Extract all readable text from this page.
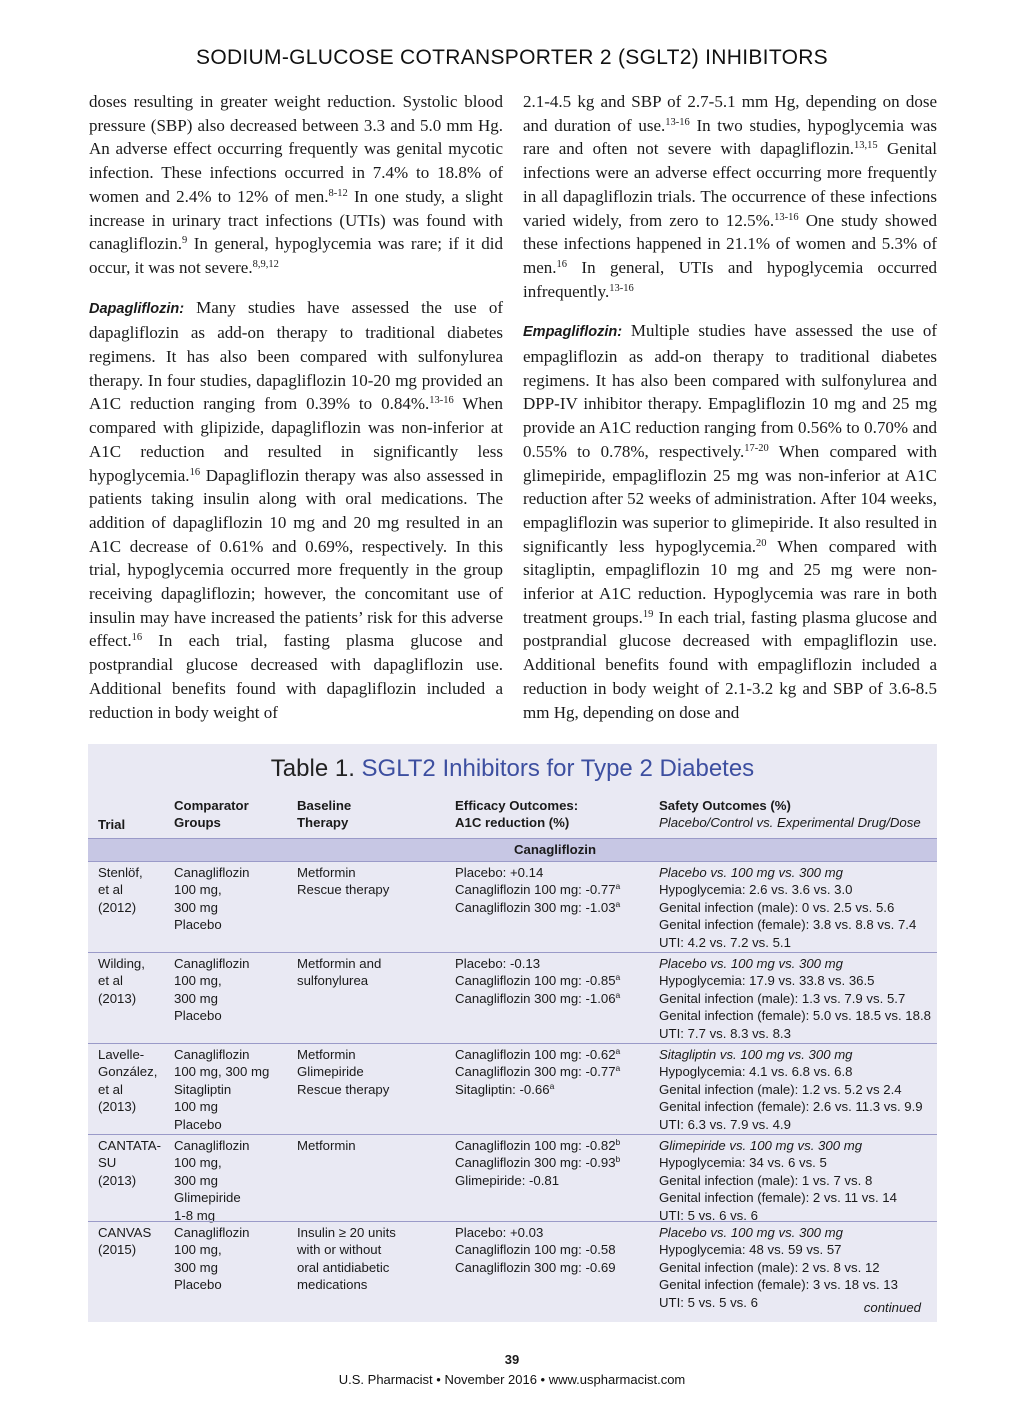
SODIUM-GLUCOSE COTRANSPORTER 2 (SGLT2) INHIBITORS

doses resulting in greater weight reduction. Systolic blood pressure (SBP) also decreased between 3.3 and 5.0 mm Hg. An adverse effect occurring frequently was genital mycotic infection. These infections occurred in 7.4% to 18.8% of women and 2.4% to 12% of men.$^{8-12}$ In one study, a slight increase in urinary tract infections (UTIs) was found with canagliflozin.$^9$ In general, hypoglycemia was rare; if it did occur, it was not severe.$^{8,9,12}$

Dapagliflozin: Many studies have assessed the use of dapagliflozin as add-on therapy to traditional diabetes regimens. It has also been compared with sulfonylurea therapy. In four studies, dapagliflozin 10-20 mg provided an A1C reduction ranging from 0.39% to 0.84%.$^{13-16}$ When compared with glipizide, dapagliflozin was non-inferior at A1C reduction and resulted in significantly less hypoglycemia.$^{16}$ Dapagliflozin therapy was also assessed in patients taking insulin along with oral medications. The addition of dapagliflozin 10 mg and 20 mg resulted in an A1C decrease of 0.61% and 0.69%, respectively. In this trial, hypoglycemia occurred more frequently in the group receiving dapagliflozin; however, the concomitant use of insulin may have increased the patients’ risk for this adverse effect.$^{16}$ In each trial, fasting plasma glucose and postprandial glucose decreased with dapagliflozin use. Additional benefits found with dapagliflozin included a reduction in body weight of

2.1-4.5 kg and SBP of 2.7-5.1 mm Hg, depending on dose and duration of use.$^{13-16}$ In two studies, hypoglycemia was rare and often not severe with dapagliflozin.$^{13,15}$ Genital infections were an adverse effect occurring more frequently in all dapagliflozin trials. The occurrence of these infections varied widely, from zero to 12.5%.$^{13-16}$ One study showed these infections happened in 21.1% of women and 5.3% of men.$^{16}$ In general, UTIs and hypoglycemia occurred infrequently.$^{13-16}$

Empagliflozin: Multiple studies have assessed the use of empagliflozin as add-on therapy to traditional diabetes regimens. It has also been compared with sulfonylurea and DPP-IV inhibitor therapy. Empagliflozin 10 mg and 25 mg provide an A1C reduction ranging from 0.56% to 0.70% and 0.55% to 0.78%, respectively.$^{17-20}$ When compared with glimepiride, empagliflozin 25 mg was non-inferior at A1C reduction after 52 weeks of administration. After 104 weeks, empagliflozin was superior to glimepiride. It also resulted in significantly less hypoglycemia.$^{20}$ When compared with sitagliptin, empagliflozin 10 mg and 25 mg were non-inferior at A1C reduction. Hypoglycemia was rare in both treatment groups.$^{19}$ In each trial, fasting plasma glucose and postprandial glucose decreased with empagliflozin use. Additional benefits found with empagliflozin included a reduction in body weight of 2.1-3.2 kg and SBP of 3.6-8.5 mm Hg, depending on dose and

Table 1. SGLT2 Inhibitors for Type 2 Diabetes
Trial
Comparator
Groups
Baseline
Therapy
Efficacy Outcomes:
A1C reduction (%)
Safety Outcomes (%)
Placebo/Control vs. Experimental Drug/Dose
Canagliflozin
Stenlöf,
et al
(2012)
Canagliflozin
100 mg,
300 mg
Placebo
Metformin
Rescue therapy
Placebo: +0.14
Canagliflozin 100 mg: -0.77$^a$
Canagliflozin 300 mg: -1.03$^a$
Placebo vs. 100 mg vs. 300 mg
Hypoglycemia: 2.6 vs. 3.6 vs. 3.0
Genital infection (male): 0 vs. 2.5 vs. 5.6
Genital infection (female): 3.8 vs. 8.8 vs. 7.4
UTI: 4.2 vs. 7.2 vs. 5.1
Wilding,
et al
(2013)
Canagliflozin
100 mg,
300 mg
Placebo
Metformin and
sulfonylurea
Placebo: -0.13
Canagliflozin 100 mg: -0.85$^a$
Canagliflozin 300 mg: -1.06$^a$
Placebo vs. 100 mg vs. 300 mg
Hypoglycemia: 17.9 vs. 33.8 vs. 36.5
Genital infection (male): 1.3 vs. 7.9 vs. 5.7
Genital infection (female): 5.0 vs. 18.5 vs. 18.8
UTI: 7.7 vs. 8.3 vs. 8.3
Lavelle-
González,
et al
(2013)
Canagliflozin
100 mg, 300 mg
Sitagliptin
100 mg
Placebo
Metformin
Glimepiride
Rescue therapy
Canagliflozin 100 mg: -0.62$^a$
Canagliflozin 300 mg: -0.77$^a$
Sitagliptin: -0.66$^a$
Sitagliptin vs. 100 mg vs. 300 mg
Hypoglycemia: 4.1 vs. 6.8 vs. 6.8
Genital infection (male): 1.2 vs. 5.2 vs 2.4
Genital infection (female): 2.6 vs. 11.3 vs. 9.9
UTI: 6.3 vs. 7.9 vs. 4.9
CANTATA-
SU
(2013)
Canagliflozin
100 mg,
300 mg
Glimepiride
1-8 mg
Metformin	Canagliflozin 100 mg: -0.82$^b$
Canagliflozin 300 mg: -0.93$^b$
Glimepiride: -0.81
Glimepiride vs. 100 mg vs. 300 mg
Hypoglycemia: 34 vs. 6 vs. 5
Genital infection (male): 1 vs. 7 vs. 8
Genital infection (female): 2 vs. 11 vs. 14
UTI: 5 vs. 6 vs. 6
CANVAS
(2015)
Canagliflozin
100 mg,
300 mg
Placebo
Insulin ≥ 20 units
with or without
oral antidiabetic
medications
Placebo: +0.03
Canagliflozin 100 mg: -0.58
Canagliflozin 300 mg: -0.69
Placebo vs. 100 mg vs. 300 mg
Hypoglycemia: 48 vs. 59 vs. 57
Genital infection (male): 2 vs. 8 vs. 12
Genital infection (female): 3 vs. 18 vs. 13
UTI: 5 vs. 5 vs. 6	continued
39
U.S. Pharmacist • November 2016 • www.uspharmacist.com
